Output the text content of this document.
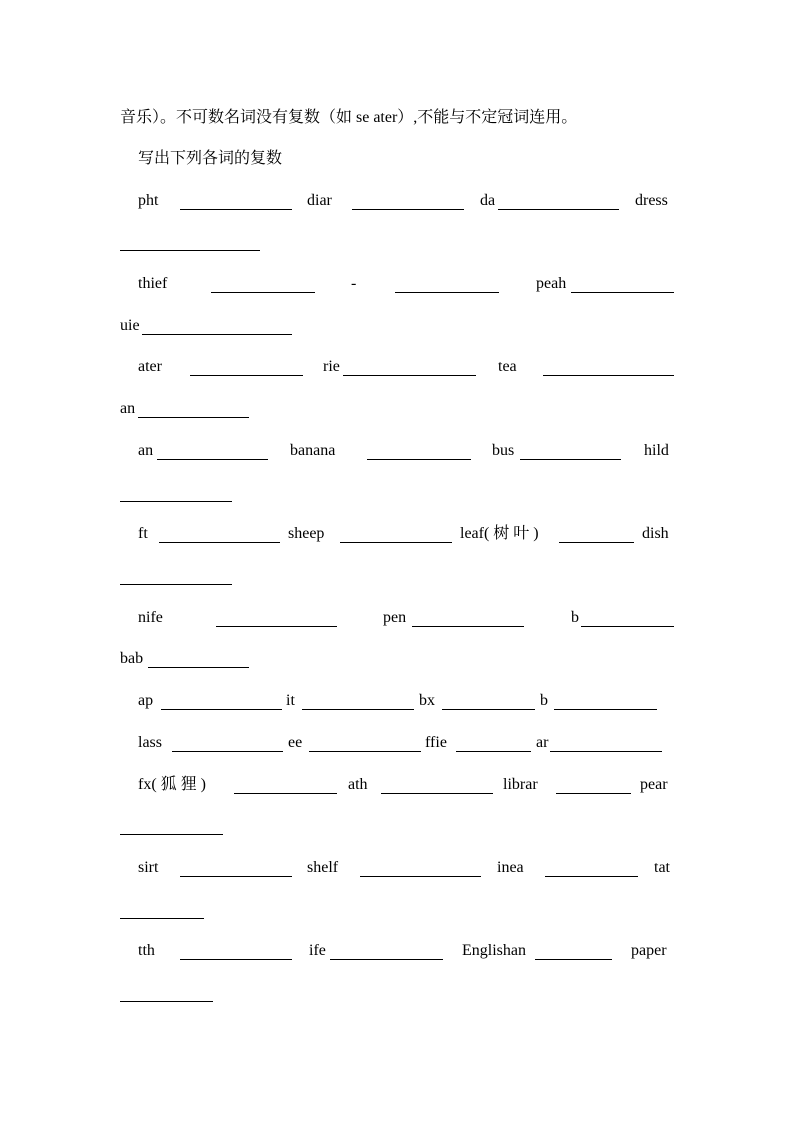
音乐）。不可数名词没有复数（如 se ater）,不能与不定冠词连用。
写出下列各词的复数
pht	diar	da	dress
thief	-	peah
uie
ater	rie	tea
an
an	banana	bus	hild
ft	sheep	leaf( 树 叶 )	dish
nife	pen	b
bab
ap	it	bx	b
lass	ee	ffie	ar
fx( 狐 狸 )	ath	librar	pear
sirt	shelf	inea	tat
tth	ife	Englishan	paper
